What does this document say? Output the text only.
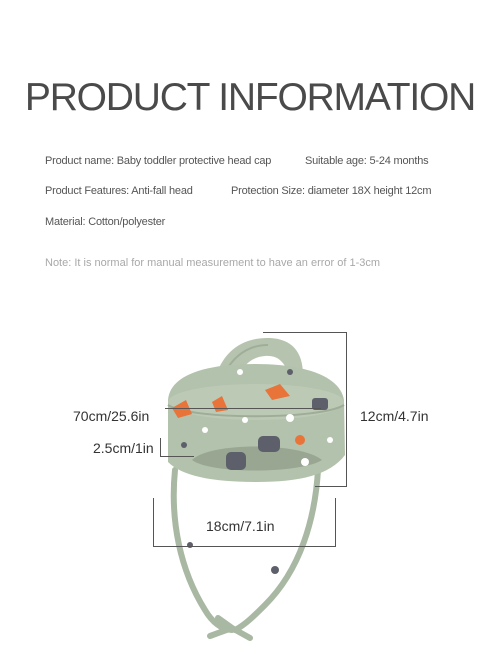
PRODUCT INFORMATION
Product name: Baby toddler protective head cap	Suitable age: 5-24 months
Product Features: Anti-fall head	Protection Size: diameter 18X height 12cm
Material: Cotton/polyester
Note: It is normal for manual measurement to have an error of 1-3cm
70cm/25.6in	12cm/4.7in
2.5cm/1in
18cm/7.1in
